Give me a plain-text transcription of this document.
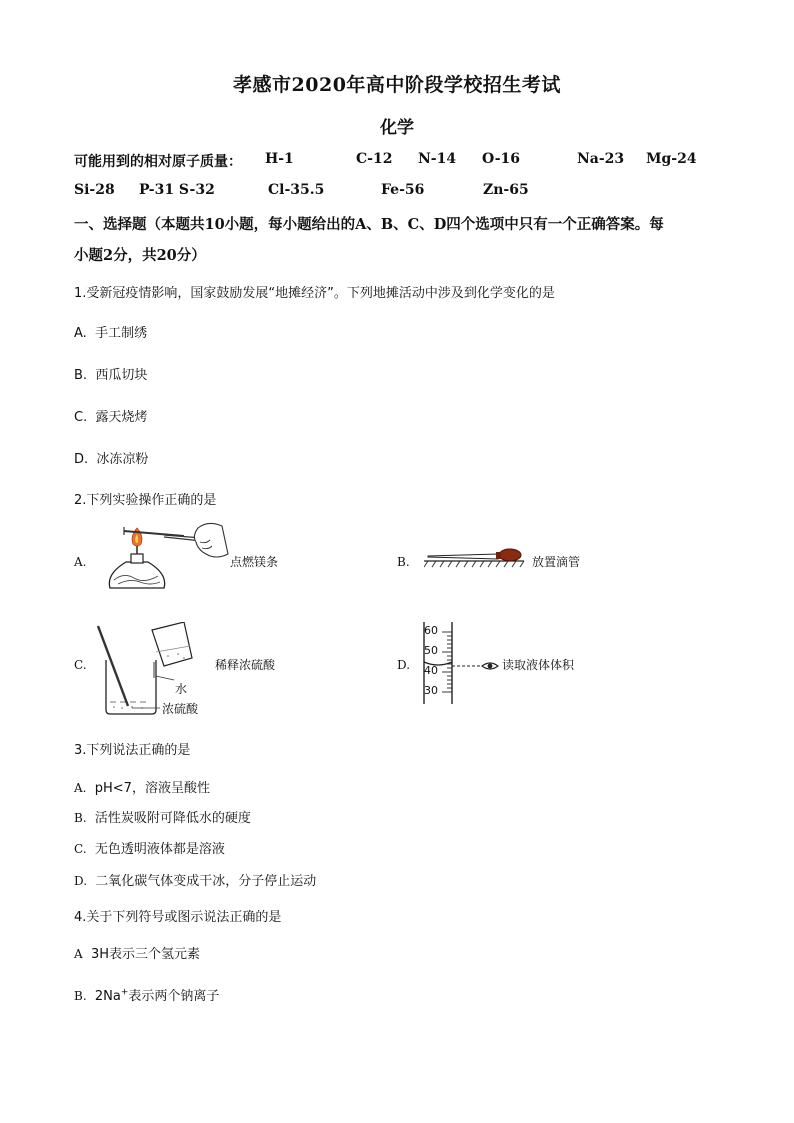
孝感市2020年高中阶段学校招生考试
化学
可能用到的相对原子质量： H-1	C-12 N-14 O-16	Na-23 Mg-24
Si-28 P-31 S-32	Cl-35.5	Fe-56	Zn-65
一、选择题（本题共10小题，每小题给出的A、B、C、D四个选项中只有一个正确答案。每
小题2分，共20分）
1.受新冠疫情影响，国家鼓励发展“地摊经济”。下列地摊活动中涉及到化学变化的是
A. 手工制绣
B. 西瓜切块
C. 露天烧烤
D. 冰冻凉粉
2.下列实验操作正确的是
A.	点燃镁条	B.	放置滴管
C.	稀释浓硫酸
水
浓硫酸
D.
60
50
40
30
读取液体体积
3.下列说法正确的是
A. pH<7，溶液呈酸性
B. 活性炭吸附可降低水的硬度
C. 无色透明液体都是溶液
D. 二氧化碳气体变成干冰，分子停止运动
4.关于下列符号或图示说法正确的是
A 3H表示三个氢元素
B. 2Na+表示两个钠离子
